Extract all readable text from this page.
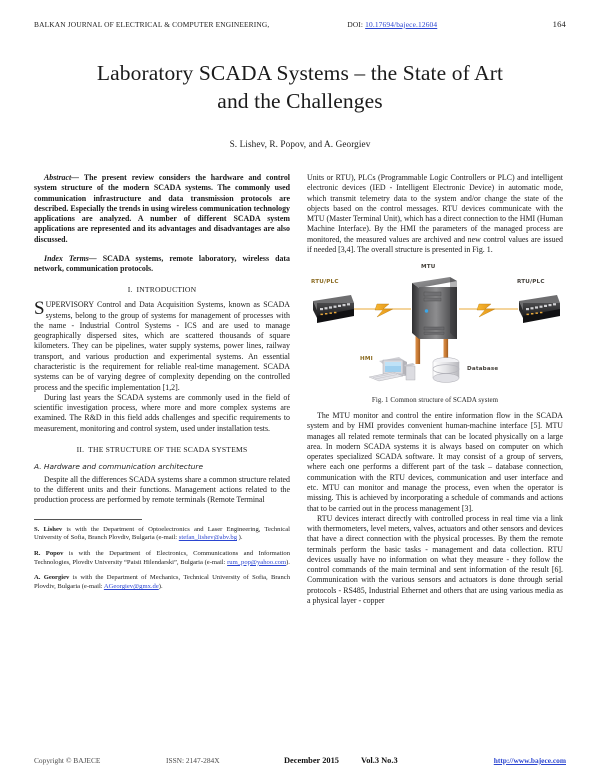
BALKAN JOURNAL OF ELECTRICAL & COMPUTER ENGINEERING,	DOI: 10.17694/bajece.12604	164
Laboratory SCADA Systems – the State of Art
and the Challenges
S. Lishev, R. Popov, and A. Georgiev
Abstract— The present review considers the hardware and control system structure of the modern SCADA systems. The commonly used communication infrastructure and data transmission protocols are described. Especially the trends in using wireless communication technology applications are analyzed. A number of different SCADA system applications are represented and its advantages and disadvantages are also discussed.
Index Terms— SCADA systems, remote laboratory, wireless data network, communication protocols.
I. INTRODUCTION
SUPERVISORY Control and Data Acquisition Systems, known as SCADA systems, belong to the group of systems for management of processes with the name - Industrial Control Systems - ICS and are used to manage geographically dispersed sites, which are scattered thousands of square kilometers. They can be pipelines, water supply systems, power lines, railway transport, and various production and experimental systems. An essential characteristic is the requirement for reliable real-time management. SCADA systems can be of varying degree of complexity depending on the controlled process and the specific implementation [1,2].

During last years the SCADA systems are commonly used in the field of scientific investigation process, where more and more complex systems are examined. The R&D in this field adds challenges and specific requirements to measurement, monitoring and control system, used under installation tests.

II. THE STRUCTURE OF THE SCADA SYSTEMS
A. Hardware and communication architecture

Despite all the differences SCADA systems share a common structure related to the different units and their functions. Management actions related to the production process are performed by remote terminals (Remote Terminal

S. Lishev is with the Department of Optoelectronics and Laser Engineering, Technical University of Sofia, Branch Plovdiv, Bulgaria (e-mail: stefan_lishev@abv.bg ).
R. Popov is with the Department of Electronics, Communications and Information Technologies, Plovdiv University “Paisii Hilendarski”, Bulgaria (e-mail: rum_pop@yahoo.com).
A. Georgiev is with the Department of Mechanics, Technical University of Sofia, Branch Plovdiv, Bulgaria (e-mail: AGeorgiev@gmx.de).

Units or RTU), PLCs (Programmable Logic Controllers or PLC) and intelligent electronic devices (IED - Intelligent Electronic Device) in automatic mode, which transmit telemetry data to the system and/or change the state of the objects based on the control messages. RTU devices communicate with the MTU (Master Terminal Unit), which has a direct connection to the HMI (Human Machine Interface). By the HMI the parameters of the managed process are monitored, the measured values are archived and new control values are issued if needed [3,4]. The overall structure is presented in Fig. 1.

RTU/PLC
MTU
RTU/PLC
HMI
Database
Fig. 1 Common structure of SCADA system

The MTU monitor and control the entire information flow in the SCADA system and by HMI provides convenient human-machine interface [5]. MTU manages all related remote terminals that can be located physically on a large area. In modern SCADA systems it is always based on computer on which operates specialized SCADA software. It may consist of a group of servers, where each one performs a different part of the task – database connection, communication with the RTU devices, communication and user interface and etc. MTU can monitor and manage the process, even when the operator is missing. This is achieved by incorporating a schedule of commands and actions that to be carried out in the process management [3].

RTU devices interact directly with controlled process in real time via a link with thermometers, level meters, valves, actuators and other sensors and devices that have a direct connection with the physical processes. By them the remote terminals perform the basic tasks - management and data collection. RTU devices usually have no information on what they measure - they follow the control commands of the main terminal and sent information of the result [6]. Communication with the various sensors and actuators is done through serial protocols - RS485, Industrial Ethernet and others that are using various media as a physical layer - copper

Copyright © BAJECE	ISSN: 2147-284X	December 2015	Vol.3 No.3	http://www.bajece.com
